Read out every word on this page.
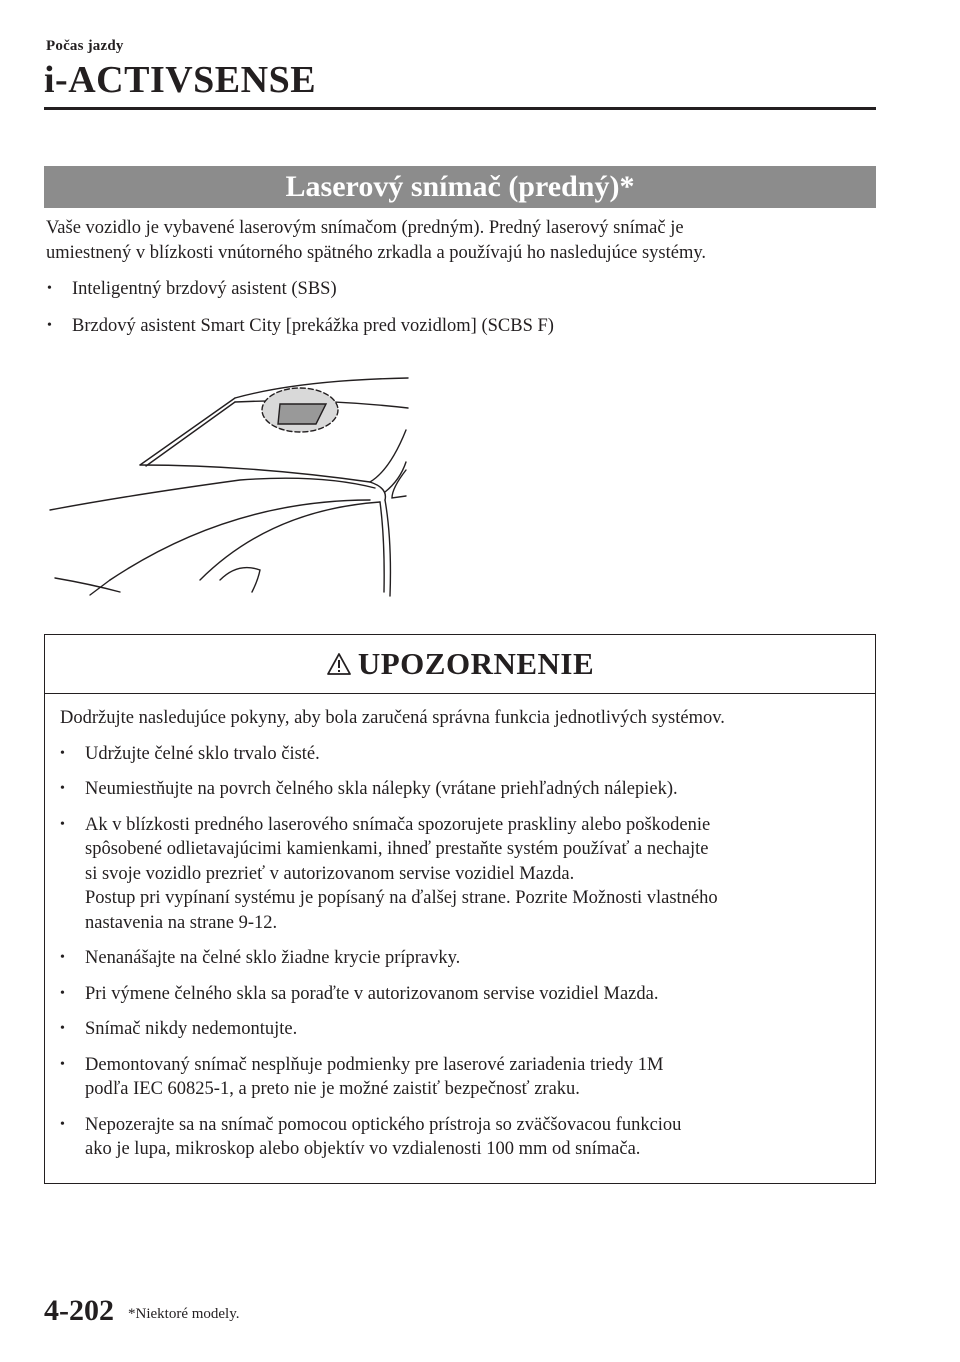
Počas jazdy
i-ACTIVSENSE
Laserový snímač (predný)*

Vaše vozidlo je vybavené laserovým snímačom (predným). Predný laserový snímač je

umiestnený v blízkosti vnútorného spätného zrkadla a používajú ho nasledujúce systémy.

• Inteligentný brzdový asistent (SBS)
• Brzdový asistent Smart City [prekážka pred vozidlom] (SCBS F)
UPOZORNENIE

Dodržujte nasledujúce pokyny, aby bola zaručená správna funkcia jednotlivých systémov.

• Udržujte čelné sklo trvalo čisté.
• Neumiestňujte na povrch čelného skla nálepky (vrátane priehľadných nálepiek).
• Ak v blízkosti predného laserového snímača spozorujete praskliny alebo poškodenie
spôsobené odlietavajúcimi kamienkami, ihneď prestaňte systém používať a nechajte
si svoje vozidlo prezrieť v autorizovanom servise vozidiel Mazda.
Postup pri vypínaní systému je popísaný na ďalšej strane. Pozrite Možnosti vlastného
nastavenia na strane 9-12.
• Nenanášajte na čelné sklo žiadne krycie prípravky.
• Pri výmene čelného skla sa poraďte v autorizovanom servise vozidiel Mazda.
• Snímač nikdy nedemontujte.
• Demontovaný snímač nesplňuje podmienky pre laserové zariadenia triedy 1M
podľa IEC 60825-1, a preto nie je možné zaistiť bezpečnosť zraku.
• Nepozerajte sa na snímač pomocou optického prístroja so zväčšovacou funkciou
ako je lupa, mikroskop alebo objektív vo vzdialenosti 100 mm od snímača.
4-202 *Niektoré modely.
